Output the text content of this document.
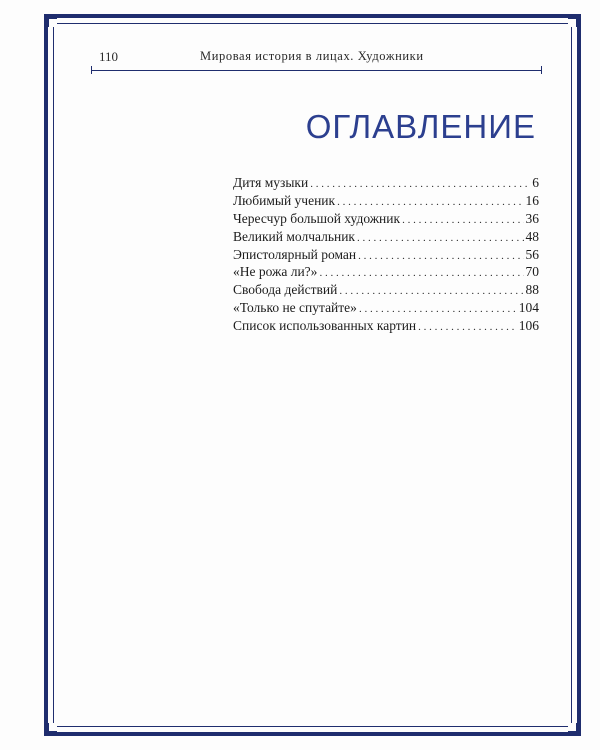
110	Мировая история в лицах. Художники
ОГЛАВЛЕНИЕ
Дитя музыки . . .	6
Любимый ученик . . .	16
Чересчур большой художник . . .	36
Великий молчальник . . .	48
Эпистолярный роман . . .	56
«Не рожа ли?» . . .	70
Свобода действий . . .	88
«Только не спутайте» . . .	104
Список использованных картин . . .	106
